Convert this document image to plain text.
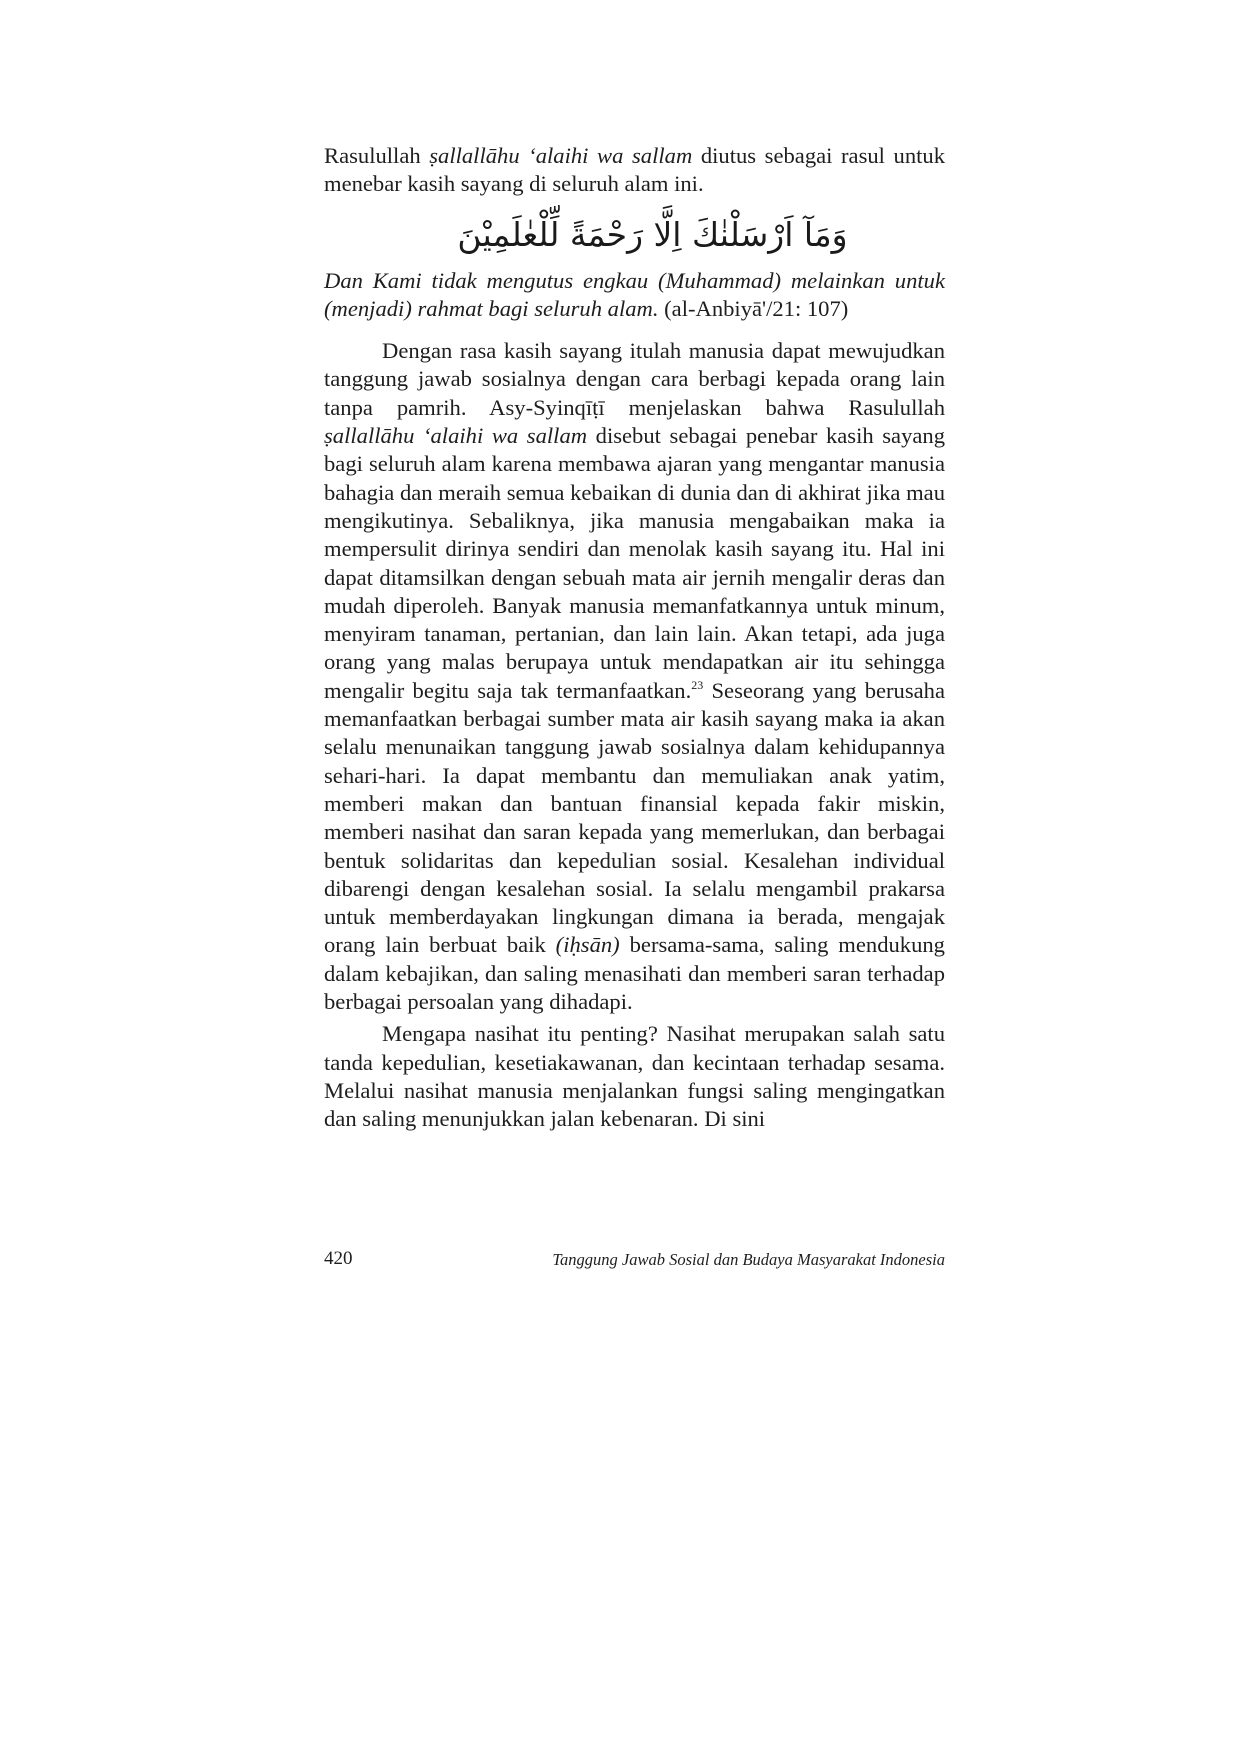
Rasulullah ṣallallāhu ‘alaihi wa sallam diutus sebagai rasul untuk menebar kasih sayang di seluruh alam ini.

وَمَآ اَرْسَلْنٰكَ اِلَّا رَحْمَةً لِّلْعٰلَمِيْنَ

Dan Kami tidak mengutus engkau (Muhammad) melainkan untuk (menjadi) rahmat bagi seluruh alam. (al-Anbiyā'/21: 107)

Dengan rasa kasih sayang itulah manusia dapat mewujudkan tanggung jawab sosialnya dengan cara berbagi kepada orang lain tanpa pamrih. Asy-Syinqīṭī menjelaskan bahwa Rasulullah ṣallallāhu ‘alaihi wa sallam disebut sebagai penebar kasih sayang bagi seluruh alam karena membawa ajaran yang mengantar manusia bahagia dan meraih semua kebaikan di dunia dan di akhirat jika mau mengikutinya. Sebaliknya, jika manusia mengabaikan maka ia mempersulit dirinya sendiri dan menolak kasih sayang itu. Hal ini dapat ditamsilkan dengan sebuah mata air jernih mengalir deras dan mudah diperoleh. Banyak manusia memanfatkannya untuk minum, menyiram tanaman, pertanian, dan lain lain. Akan tetapi, ada juga orang yang malas berupaya untuk mendapatkan air itu sehingga mengalir begitu saja tak termanfaatkan.$^{23}$ Seseorang yang berusaha memanfaatkan berbagai sumber mata air kasih sayang maka ia akan selalu menunaikan tanggung jawab sosialnya dalam kehidupannya sehari-hari. Ia dapat membantu dan memuliakan anak yatim, memberi makan dan bantuan finansial kepada fakir miskin, memberi nasihat dan saran kepada yang memerlukan, dan berbagai bentuk solidaritas dan kepedulian sosial. Kesalehan individual dibarengi dengan kesalehan sosial. Ia selalu mengambil prakarsa untuk memberdayakan lingkungan dimana ia berada, mengajak orang lain berbuat baik (iḥsān) bersama-sama, saling mendukung dalam kebajikan, dan saling menasihati dan memberi saran terhadap berbagai persoalan yang dihadapi.

Mengapa nasihat itu penting? Nasihat merupakan salah satu tanda kepedulian, kesetiakawanan, dan kecintaan terhadap sesama. Melalui nasihat manusia menjalankan fungsi saling mengingatkan dan saling menunjukkan jalan kebenaran. Di sini

420	Tanggung Jawab Sosial dan Budaya Masyarakat Indonesia
